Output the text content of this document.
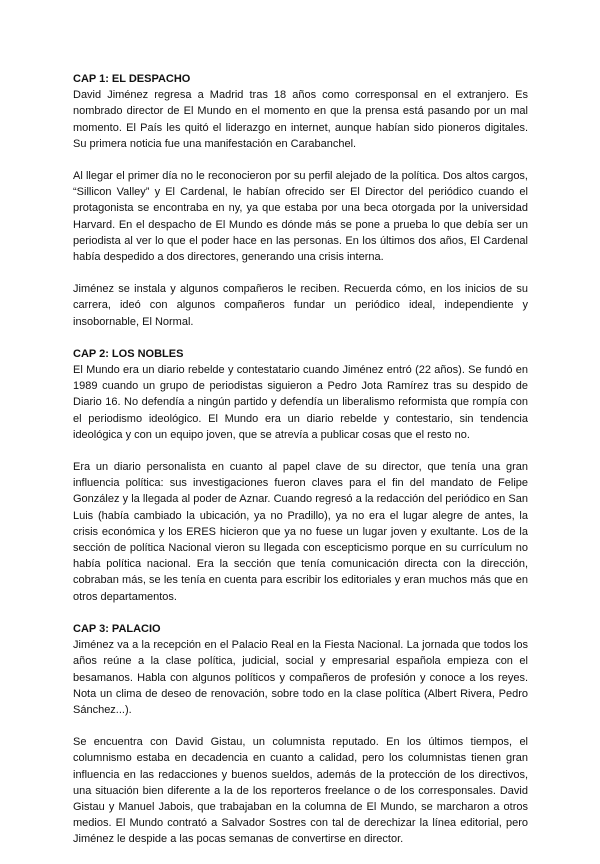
CAP 1: EL DESPACHO

David Jiménez regresa a Madrid tras 18 años como corresponsal en el extranjero. Es nombrado director de El Mundo en el momento en que la prensa está pasando por un mal momento. El País les quitó el liderazgo en internet, aunque habían sido pioneros digitales. Su primera noticia fue una manifestación en Carabanchel.

Al llegar el primer día no le reconocieron por su perfil alejado de la política. Dos altos cargos, “Sillicon Valley” y El Cardenal, le habían ofrecido ser El Director del periódico cuando el protagonista se encontraba en ny, ya que estaba por una beca otorgada por la universidad Harvard. En el despacho de El Mundo es dónde más se pone a prueba lo que debía ser un periodista al ver lo que el poder hace en las personas. En los últimos dos años, El Cardenal había despedido a dos directores, generando una crisis interna.

Jiménez se instala y algunos compañeros le reciben. Recuerda cómo, en los inicios de su carrera, ideó con algunos compañeros fundar un periódico ideal, independiente y insobornable, El Normal.

CAP 2: LOS NOBLES

El Mundo era un diario rebelde y contestatario cuando Jiménez entró (22 años). Se fundó en 1989 cuando un grupo de periodistas siguieron a Pedro Jota Ramírez tras su despido de Diario 16. No defendía a ningún partido y defendía un liberalismo reformista que rompía con el periodismo ideológico. El Mundo era un diario rebelde y contestario, sin tendencia ideológica y con un equipo joven, que se atrevía a publicar cosas que el resto no.

Era un diario personalista en cuanto al papel clave de su director, que tenía una gran influencia política: sus investigaciones fueron claves para el fin del mandato de Felipe González y la llegada al poder de Aznar. Cuando regresó a la redacción del periódico en San Luis (había cambiado la ubicación, ya no Pradillo), ya no era el lugar alegre de antes, la crisis económica y los ERES hicieron que ya no fuese un lugar joven y exultante. Los de la sección de política Nacional vieron su llegada con escepticismo porque en su currículum no había política nacional. Era la sección que tenía comunicación directa con la dirección, cobraban más, se les tenía en cuenta para escribir los editoriales y eran muchos más que en otros departamentos.

CAP 3: PALACIO

Jiménez va a la recepción en el Palacio Real en la Fiesta Nacional. La jornada que todos los años reúne a la clase política, judicial, social y empresarial española empieza con el besamanos. Habla con algunos políticos y compañeros de profesión y conoce a los reyes. Nota un clima de deseo de renovación, sobre todo en la clase política (Albert Rivera, Pedro Sánchez...).

Se encuentra con David Gistau, un columnista reputado. En los últimos tiempos, el columnismo estaba en decadencia en cuanto a calidad, pero los columnistas tienen gran influencia en las redacciones y buenos sueldos, además de la protección de los directivos, una situación bien diferente a la de los reporteros freelance o de los corresponsales. David Gistau y Manuel Jabois, que trabajaban en la columna de El Mundo, se marcharon a otros medios. El Mundo contrató a Salvador Sostres con tal de derechizar la línea editorial, pero Jiménez le despide a las pocas semanas de convertirse en director.
